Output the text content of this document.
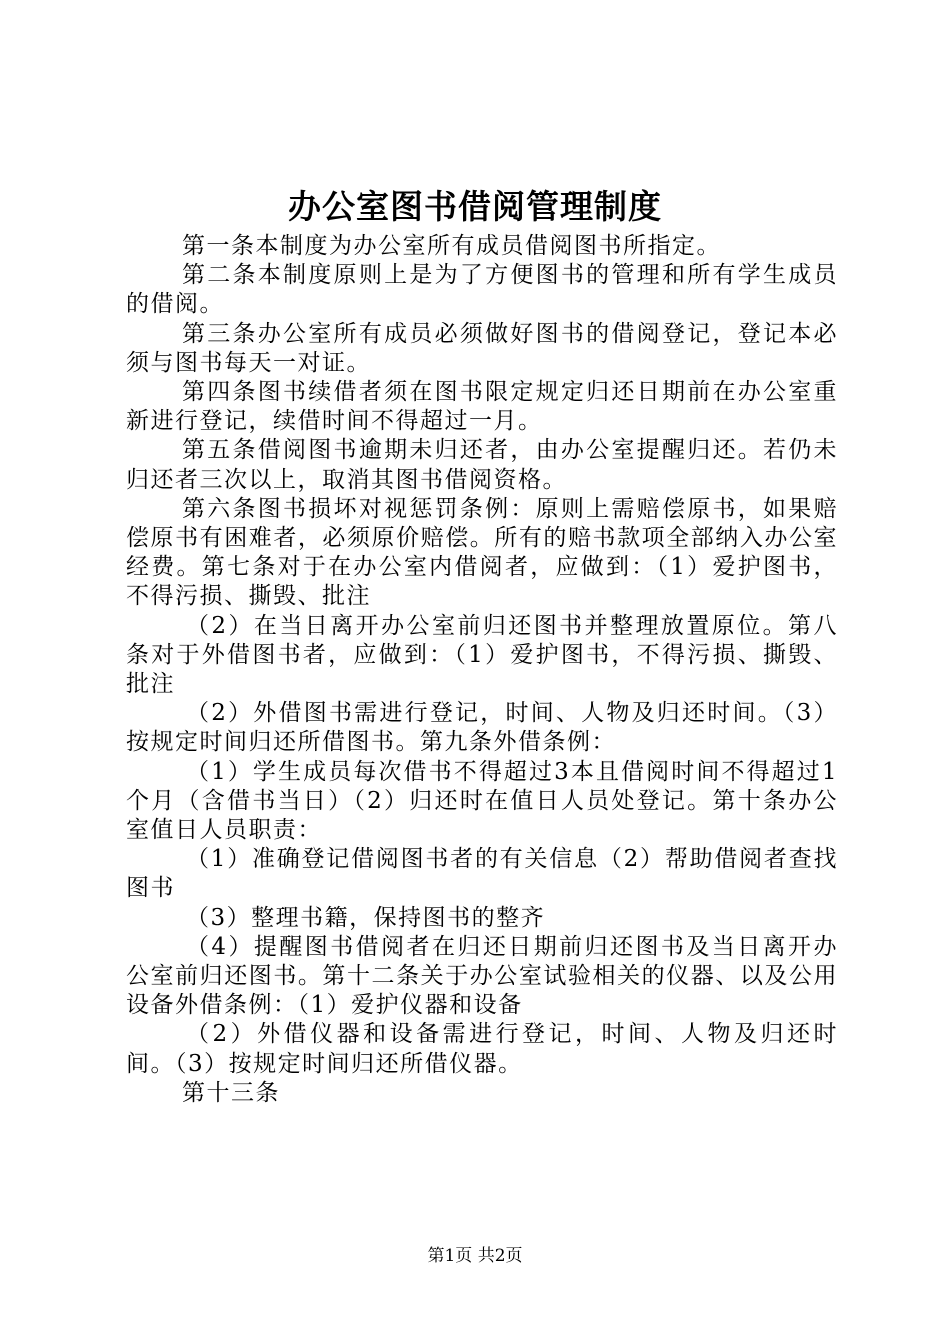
办公室图书借阅管理制度

第一条本制度为办公室所有成员借阅图书所指定。

第二条本制度原则上是为了方便图书的管理和所有学生成员的借阅。

第三条办公室所有成员必须做好图书的借阅登记，登记本必须与图书每天一对证。

第四条图书续借者须在图书限定规定归还日期前在办公室重新进行登记，续借时间不得超过一月。

第五条借阅图书逾期未归还者，由办公室提醒归还。若仍未归还者三次以上，取消其图书借阅资格。

第六条图书损坏对视惩罚条例：原则上需赔偿原书，如果赔偿原书有困难者，必须原价赔偿。所有的赔书款项全部纳入办公室经费。第七条对于在办公室内借阅者，应做到：（1）爱护图书，不得污损、撕毁、批注

（2）在当日离开办公室前归还图书并整理放置原位。第八条对于外借图书者，应做到：（1）爱护图书，不得污损、撕毁、批注

（2）外借图书需进行登记，时间、人物及归还时间。（3）按规定时间归还所借图书。第九条外借条例：

（1）学生成员每次借书不得超过3本且借阅时间不得超过1个月（含借书当日）（2）归还时在值日人员处登记。第十条办公室值日人员职责：

（1）准确登记借阅图书者的有关信息（2）帮助借阅者查找图书

（3）整理书籍，保持图书的整齐

（4）提醒图书借阅者在归还日期前归还图书及当日离开办公室前归还图书。第十二条关于办公室试验相关的仪器、以及公用设备外借条例：（1）爱护仪器和设备

（2）外借仪器和设备需进行登记，时间、人物及归还时间。（3）按规定时间归还所借仪器。

第十三条

第1页 共2页
